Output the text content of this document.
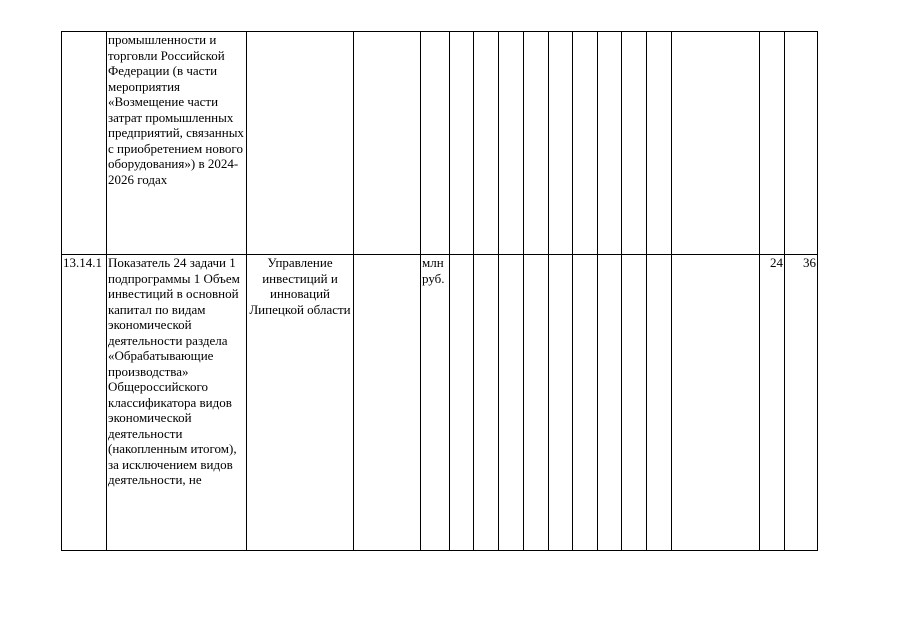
	промышленности и торговли Российской Федерации (в части мероприятия «Возмещение части затрат промышленных предприятий, связанных с приобретением нового оборудования») в 2024-2026 годах															
13.14.1	Показатель 24 задачи 1 подпрограммы 1 Объем инвестиций в основной капитал по видам экономической деятельности раздела «Обрабатывающие производства» Общероссийского классификатора видов экономической деятельности (накопленным итогом), за исключением видов деятельности, не	Управление инвестиций и инноваций Липецкой области		млн руб.											24	36
